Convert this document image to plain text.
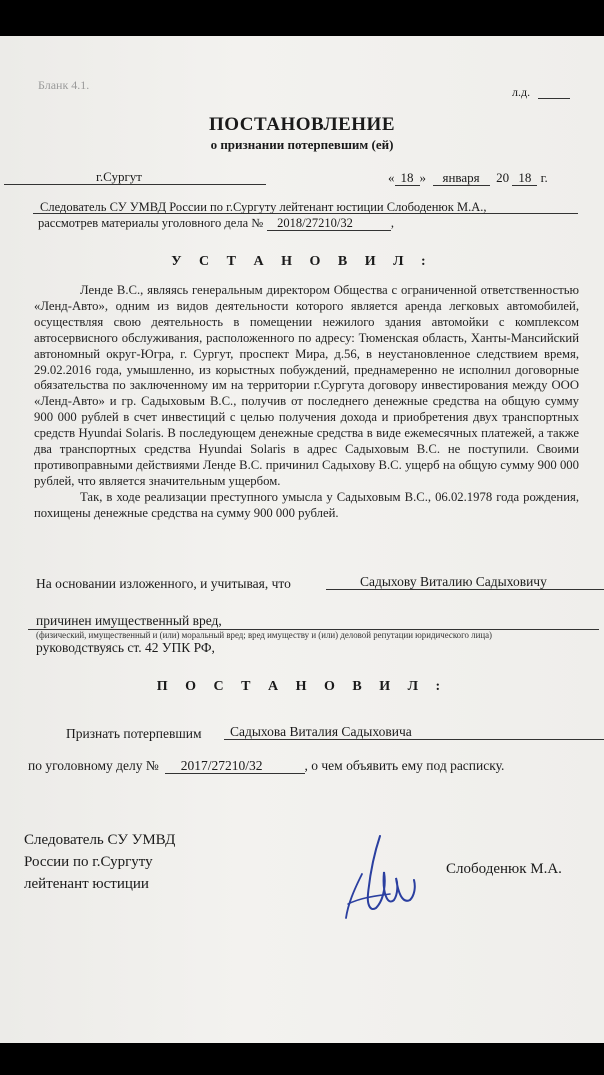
Бланк 4.1.	л.д.
ПОСТАНОВЛЕНИЕ
о признании потерпевшим (ей)
г.Сургут	« 18 » января 20 18 г.
Следователь СУ УМВД России по г.Сургуту лейтенант юстиции Слободенюк М.А.,
рассмотрев материалы уголовного дела № 2018/27210/32	,
У С Т А Н О В И Л :

Ленде В.С., являясь генеральным директором Общества с ограниченной ответственностью «Ленд-Авто», одним из видов деятельности которого является аренда легковых автомобилей, осуществляя свою деятельность в помещении нежилого здания автомойки с комплексом автосервисного обслуживания, расположенного по адресу: Тюменская область, Ханты-Мансийский автономный округ-Югра, г. Сургут, проспект Мира, д.56, в неустановленное следствием время, 29.02.2016 года, умышленно, из корыстных побуждений, преднамеренно не исполнил договорные обязательства по заключенному им на территории г.Сургута договору инвестирования между ООО «Ленд-Авто» и гр. Садыховым В.С., получив от последнего денежные средства на общую сумму 900 000 рублей в счет инвестиций с целью получения дохода и приобретения двух транспортных средств Hyundai Solaris. В последующем денежные средства в виде ежемесячных платежей, а также два транспортных средства Hyundai Solaris в адрес Садыховым В.С. не поступили. Своими противоправными действиями Ленде В.С. причинил Садыхову В.С. ущерб на общую сумму 900 000 рублей, что является значительным ущербом.

Так, в ходе реализации преступного умысла у Садыховым В.С., 06.02.1978 года рождения, похищены денежные средства на сумму 900 000 рублей.

На основании изложенного, и учитывая, что	Садыхову Виталию Садыховичу
причинен имущественный вред,
(физический, имущественный и (или) моральный вред; вред имуществу и (или) деловой репутации юридического лица)
руководствуясь ст. 42 УПК РФ,
П О С Т А Н О В И Л :
Признать потерпевшим Садыхова Виталия Садыховича
по уголовному делу № 2017/27210/32	, о чем объявить ему под расписку.
Следователь СУ УМВД
России по г.Сургуту
лейтенант юстиции
Слободенюк М.А.
